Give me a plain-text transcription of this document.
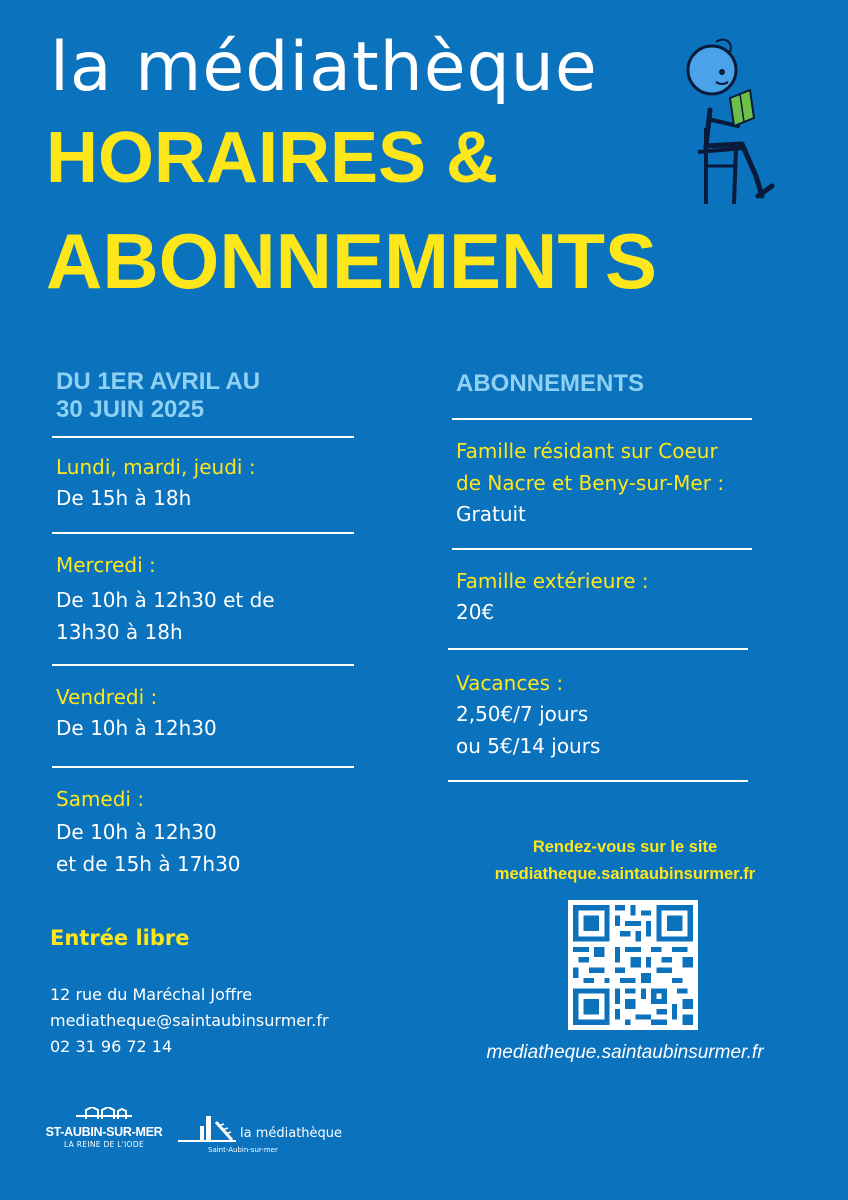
la médiathèque
HORAIRES &
ABONNEMENTS
DU 1ER AVRIL AU
30 JUIN 2025
Lundi, mardi, jeudi :
De 15h à 18h
Mercredi :
De 10h à 12h30 et de
13h30 à 18h
Vendredi :
De 10h à 12h30
Samedi :
De 10h à 12h30
et de 15h à 17h30
ABONNEMENTS
Famille résidant sur Coeur
de Nacre et Beny-sur-Mer :
Gratuit
Famille extérieure :
20€
Vacances :
2,50€/7 jours
ou 5€/14 jours
Entrée libre
12 rue du Maréchal Joffre
mediatheque@saintaubinsurmer.fr
02 31 96 72 14
Rendez-vous sur le site
mediatheque.saintaubinsurmer.fr
mediatheque.saintaubinsurmer.fr
ST-AUBIN-SUR-MER
LA REINE DE L'IODE
la médiathèque
Saint-Aubin-sur-mer
